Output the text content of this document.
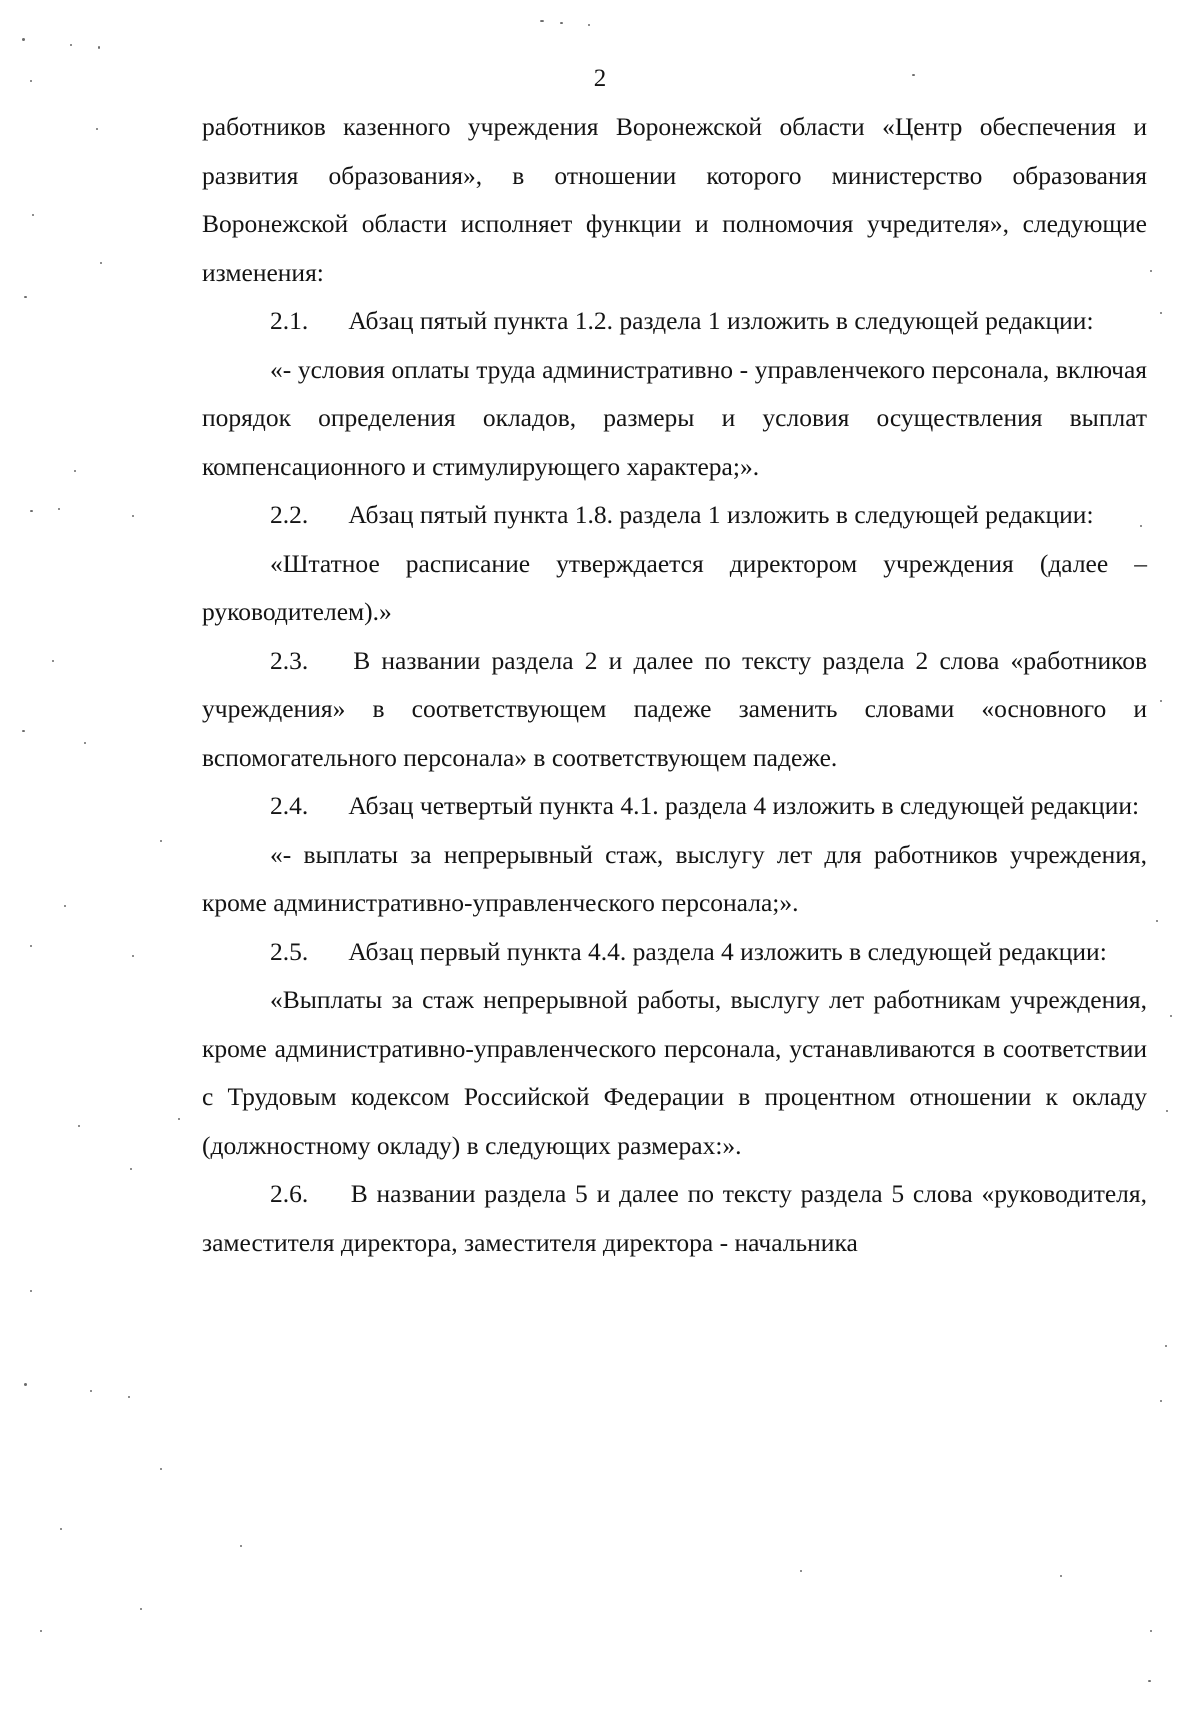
2

работников казенного учреждения Воронежской области «Центр обеспечения и развития образования», в отношении которого министерство образования Воронежской области исполняет функции и полномочия учредителя», следующие изменения:

2.1. Абзац пятый пункта 1.2. раздела 1 изложить в следующей редакции:

«- условия оплаты труда административно - управленчекого персонала, включая порядок определения окладов, размеры и условия осуществления выплат компенсационного и стимулирующего характера;».

2.2. Абзац пятый пункта 1.8. раздела 1 изложить в следующей редакции:

«Штатное расписание утверждается директором учреждения (далее – руководителем).»

2.3. В названии раздела 2 и далее по тексту раздела 2 слова «работников учреждения» в соответствующем падеже заменить словами «основного и вспомогательного персонала» в соответствующем падеже.

2.4. Абзац четвертый пункта 4.1. раздела 4 изложить в следующей редакции:

«- выплаты за непрерывный стаж, выслугу лет для работников учреждения, кроме административно-управленческого персонала;».

2.5. Абзац первый пункта 4.4. раздела 4 изложить в следующей редакции:

«Выплаты за стаж непрерывной работы, выслугу лет работникам учреждения, кроме административно-управленческого персонала, устанавливаются в соответствии с Трудовым кодексом Российской Федерации в процентном отношении к окладу (должностному окладу) в следующих размерах:».

2.6. В названии раздела 5 и далее по тексту раздела 5 слова «руководителя, заместителя директора, заместителя директора - начальника
